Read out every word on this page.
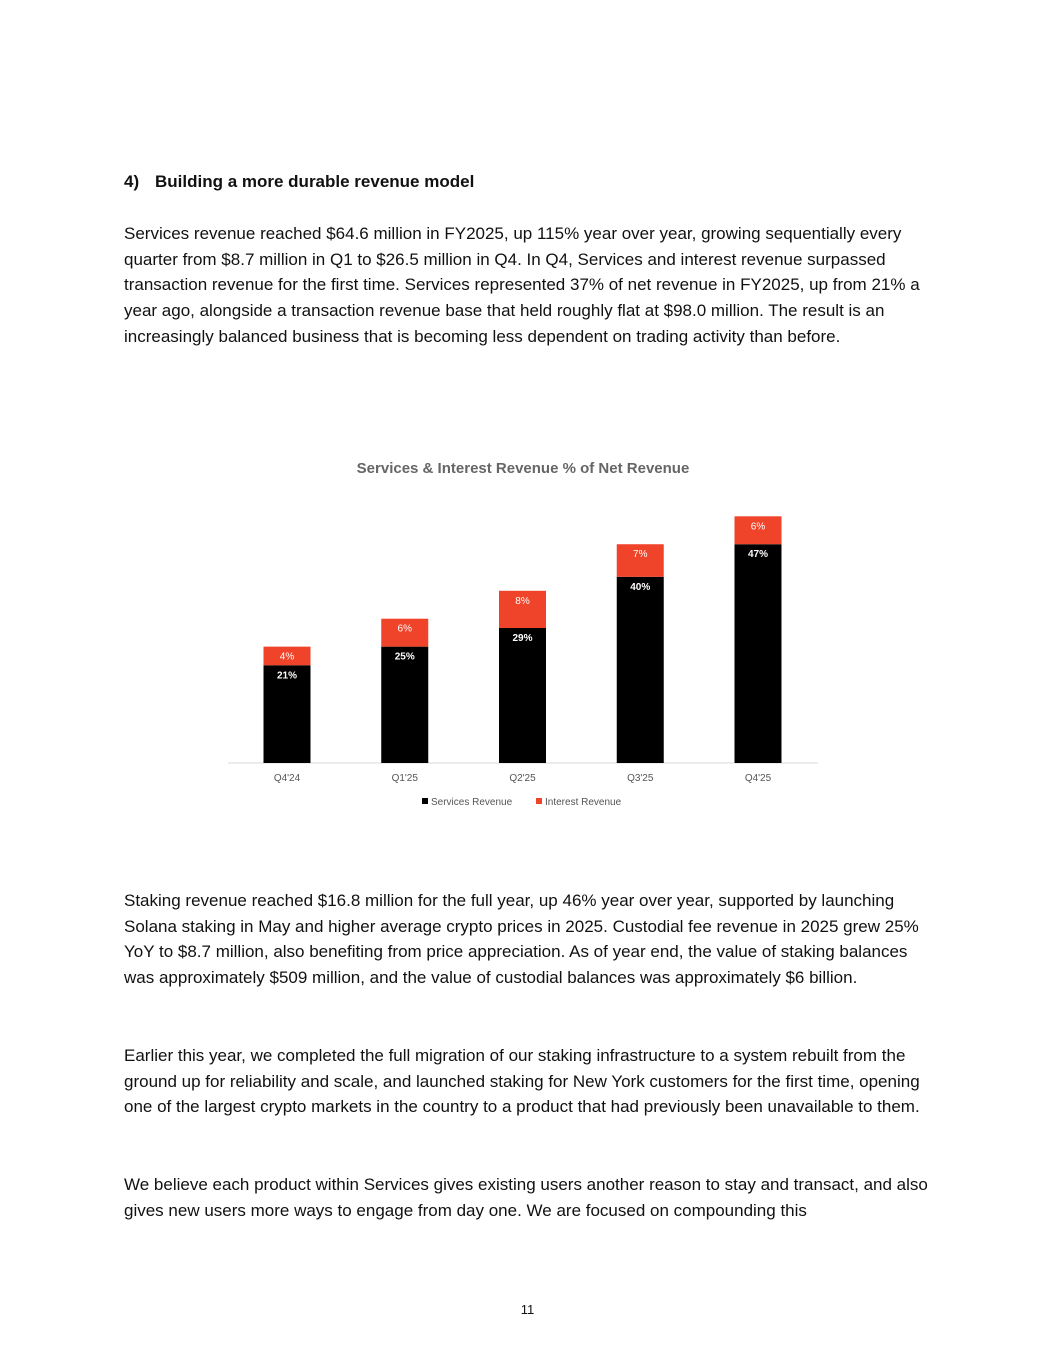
4) Building a more durable revenue model

Services revenue reached $64.6 million in FY2025, up 115% year over year, growing sequentially every quarter from $8.7 million in Q1 to $26.5 million in Q4. In Q4, Services and interest revenue surpassed transaction revenue for the first time. Services represented 37% of net revenue in FY2025, up from 21% a year ago, alongside a transaction revenue base that held roughly flat at $98.0 million. The result is an increasingly balanced business that is becoming less dependent on trading activity than before.

Services & Interest Revenue % of Net Revenue
21%
4%	25%
6%
29%
8%
40%
7%	47%
6%
Q4'24	Q1'25	Q2'25	Q3'25	Q4'25
Services Revenue	Interest Revenue

Staking revenue reached $16.8 million for the full year, up 46% year over year, supported by launching Solana staking in May and higher average crypto prices in 2025. Custodial fee revenue in 2025 grew 25% YoY to $8.7 million, also benefiting from price appreciation. As of year end, the value of staking balances was approximately $509 million, and the value of custodial balances was approximately $6 billion.

Earlier this year, we completed the full migration of our staking infrastructure to a system rebuilt from the ground up for reliability and scale, and launched staking for New York customers for the first time, opening one of the largest crypto markets in the country to a product that had previously been unavailable to them.

We believe each product within Services gives existing users another reason to stay and transact, and also gives new users more ways to engage from day one. We are focused on compounding this

11
